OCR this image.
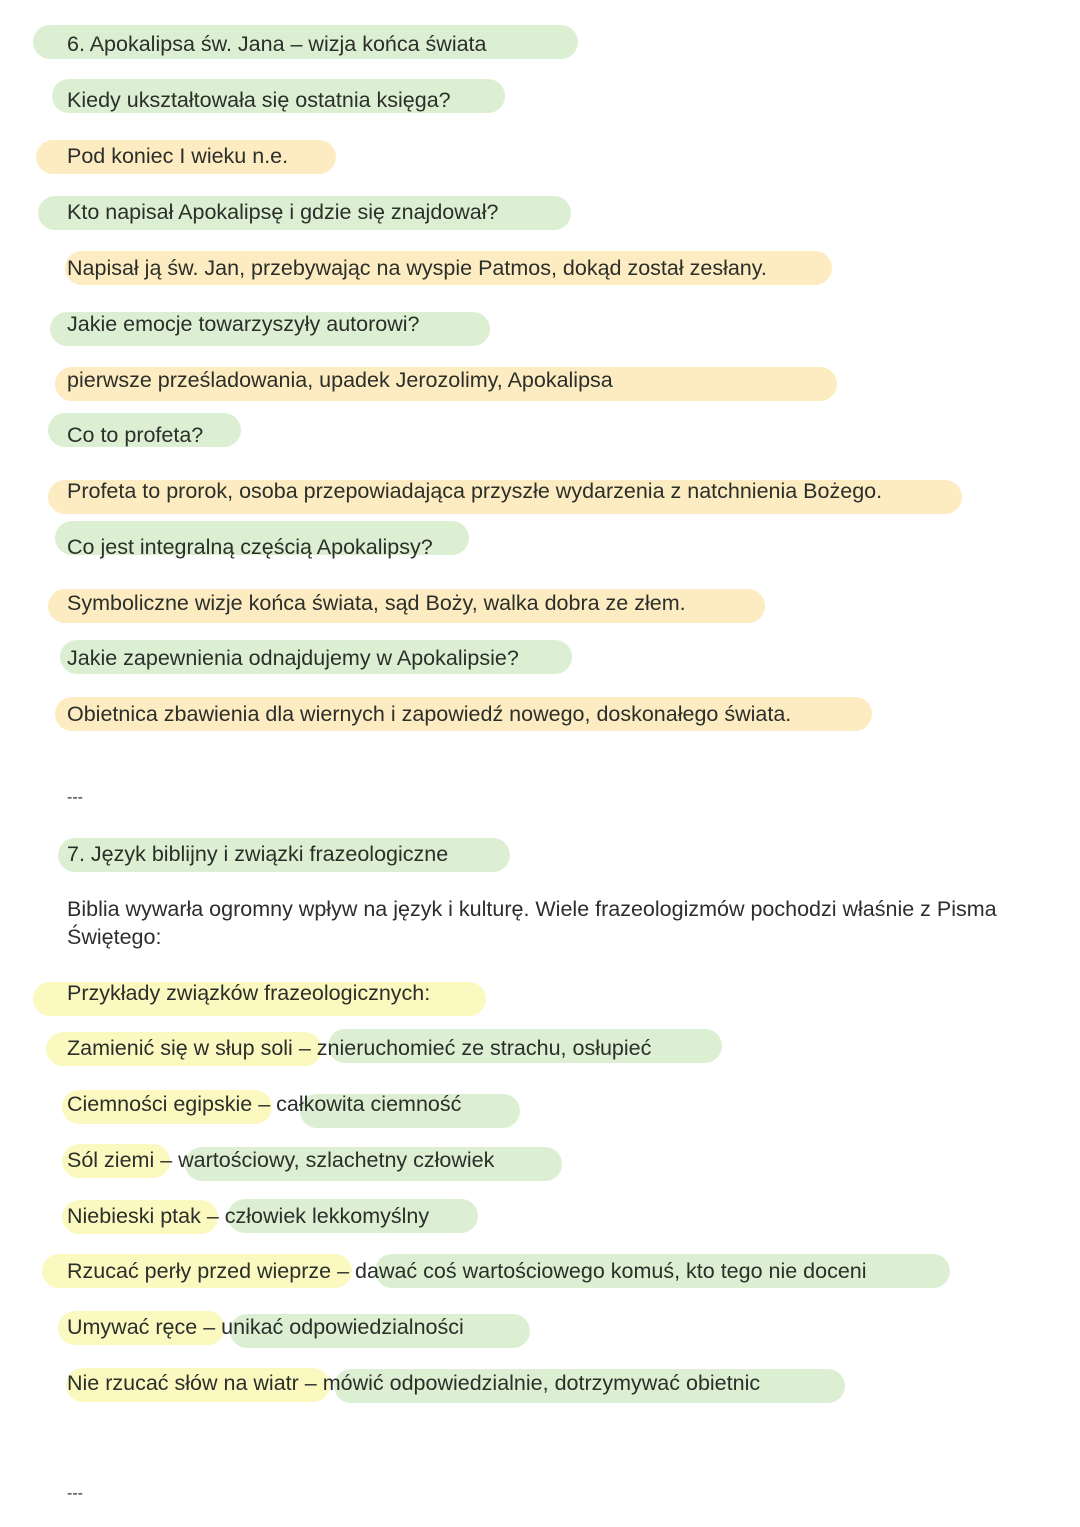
6. Apokalipsa św. Jana – wizja końca świata
Kiedy ukształtowała się ostatnia księga?
Pod koniec I wieku n.e.
Kto napisał Apokalipsę i gdzie się znajdował?
Napisał ją św. Jan, przebywając na wyspie Patmos, dokąd został zesłany.
Jakie emocje towarzyszyły autorowi?
pierwsze prześladowania, upadek Jerozolimy, Apokalipsa
Co to profeta?
Profeta to prorok, osoba przepowiadająca przyszłe wydarzenia z natchnienia Bożego.
Co jest integralną częścią Apokalipsy?
Symboliczne wizje końca świata, sąd Boży, walka dobra ze złem.
Jakie zapewnienia odnajdujemy w Apokalipsie?
Obietnica zbawienia dla wiernych i zapowiedź nowego, doskonałego świata.
---
7. Język biblijny i związki frazeologiczne
Biblia wywarła ogromny wpływ na język i kulturę. Wiele frazeologizmów pochodzi właśnie z Pisma Świętego:
Przykłady związków frazeologicznych:
Zamienić się w słup soli – znieruchomieć ze strachu, osłupieć
Ciemności egipskie – całkowita ciemność
Sól ziemi – wartościowy, szlachetny człowiek
Niebieski ptak – człowiek lekkomyślny
Rzucać perły przed wieprze – dawać coś wartościowego komuś, kto tego nie doceni
Umywać ręce – unikać odpowiedzialności
Nie rzucać słów na wiatr – mówić odpowiedzialnie, dotrzymywać obietnic
---
